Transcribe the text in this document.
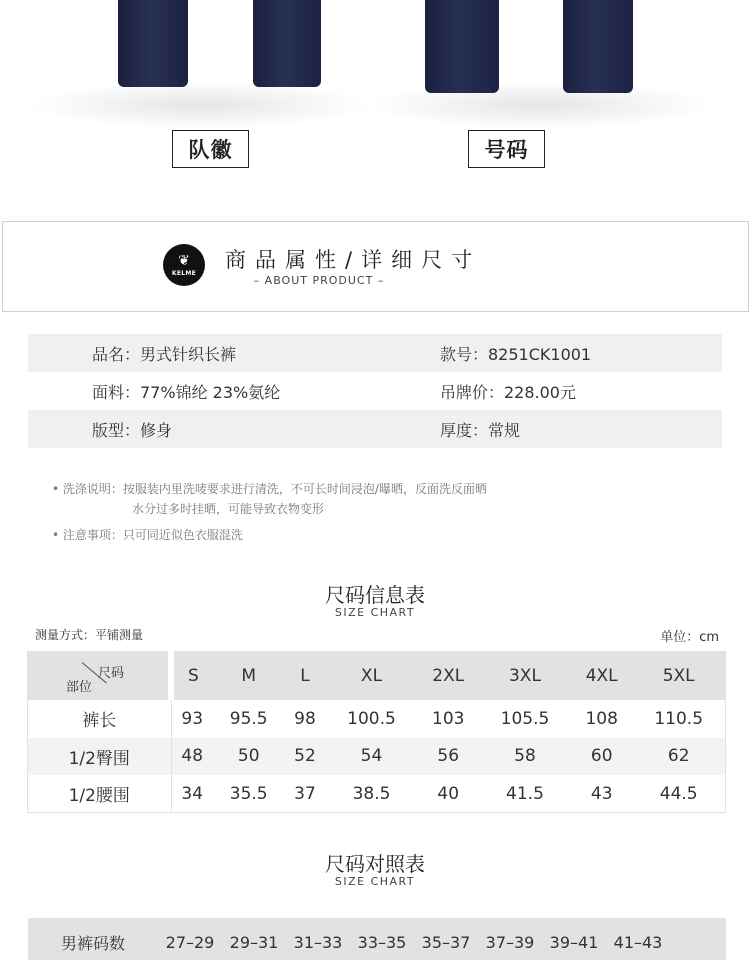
队徽	号码
❦
KELME
商品属性/详细尺寸
– ABOUT PRODUCT –
品名：男式针织长裤	款号：8251CK1001
面料：77%锦纶 23%氨纶	吊牌价：228.00元
版型：修身	厚度：常规
• 洗涤说明：按服装内里洗唛要求进行清洗，不可长时间浸泡/曝晒，反面洗反面晒
水分过多时挂晒，可能导致衣物变形
• 注意事项：只可同近似色衣服混洗
尺码信息表
SIZE CHART
测量方式：平铺测量	单位：cm
尺码
部位	S	M	L	XL	2XL	3XL	4XL	5XL
裤长	93	95.5	98	100.5	103	105.5	108	110.5
1/2臀围	48	50	52	54	56	58	60	62
1/2腰围	34	35.5	37	38.5	40	41.5	43	44.5
尺码对照表
SIZE CHART
男裤码数	27–29 29–31 31–33 33–35 35–37 37–39 39–41 41–43
